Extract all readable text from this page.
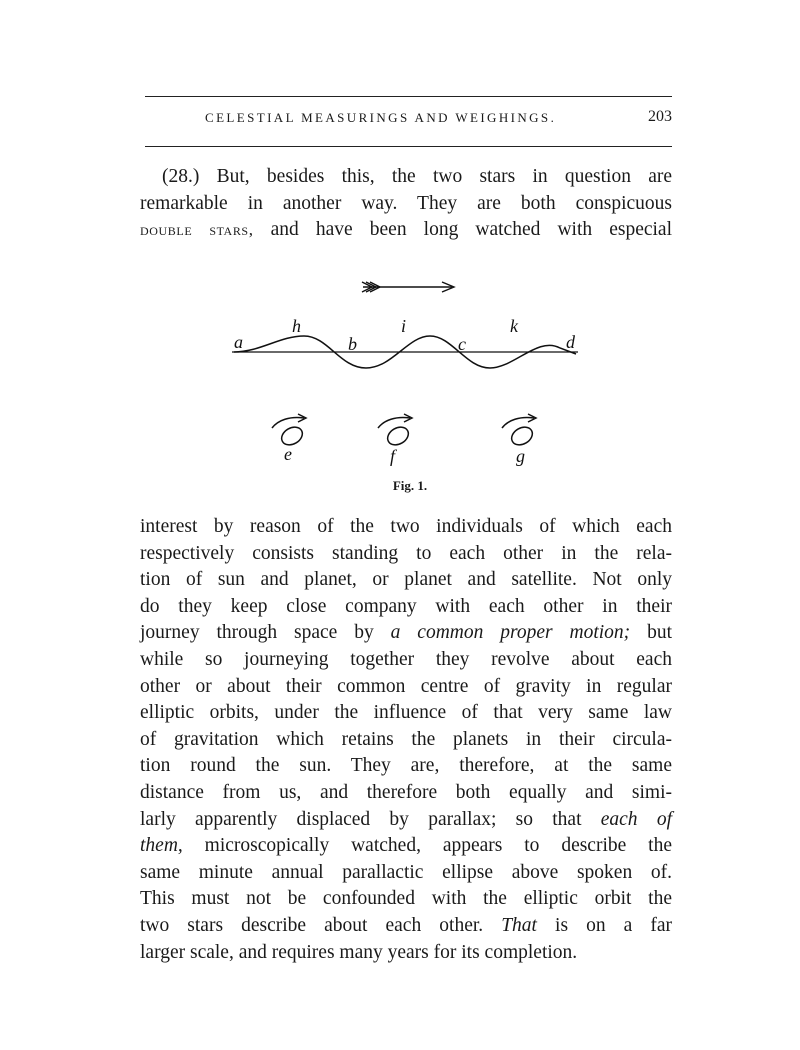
CELESTIAL MEASURINGS AND WEIGHINGS.	203
(28.) But, besides this, the two stars in question are
remarkable in another way. They are both conspicuous
double stars, and have been long watched with especial
a
h
b
i
c
k
d
e	f	g
Fig. 1.
interest by reason of the two individuals of which each
respectively consists standing to each other in the rela-
tion of sun and planet, or planet and satellite. Not only
do they keep close company with each other in their
journey through space by a common proper motion; but
while so journeying together they revolve about each
other or about their common centre of gravity in regular
elliptic orbits, under the influence of that very same law
of gravitation which retains the planets in their circula-
tion round the sun. They are, therefore, at the same
distance from us, and therefore both equally and simi-
larly apparently displaced by parallax; so that each of
them, microscopically watched, appears to describe the
same minute annual parallactic ellipse above spoken of.
This must not be confounded with the elliptic orbit the
two stars describe about each other. That is on a far
larger scale, and requires many years for its completion.
